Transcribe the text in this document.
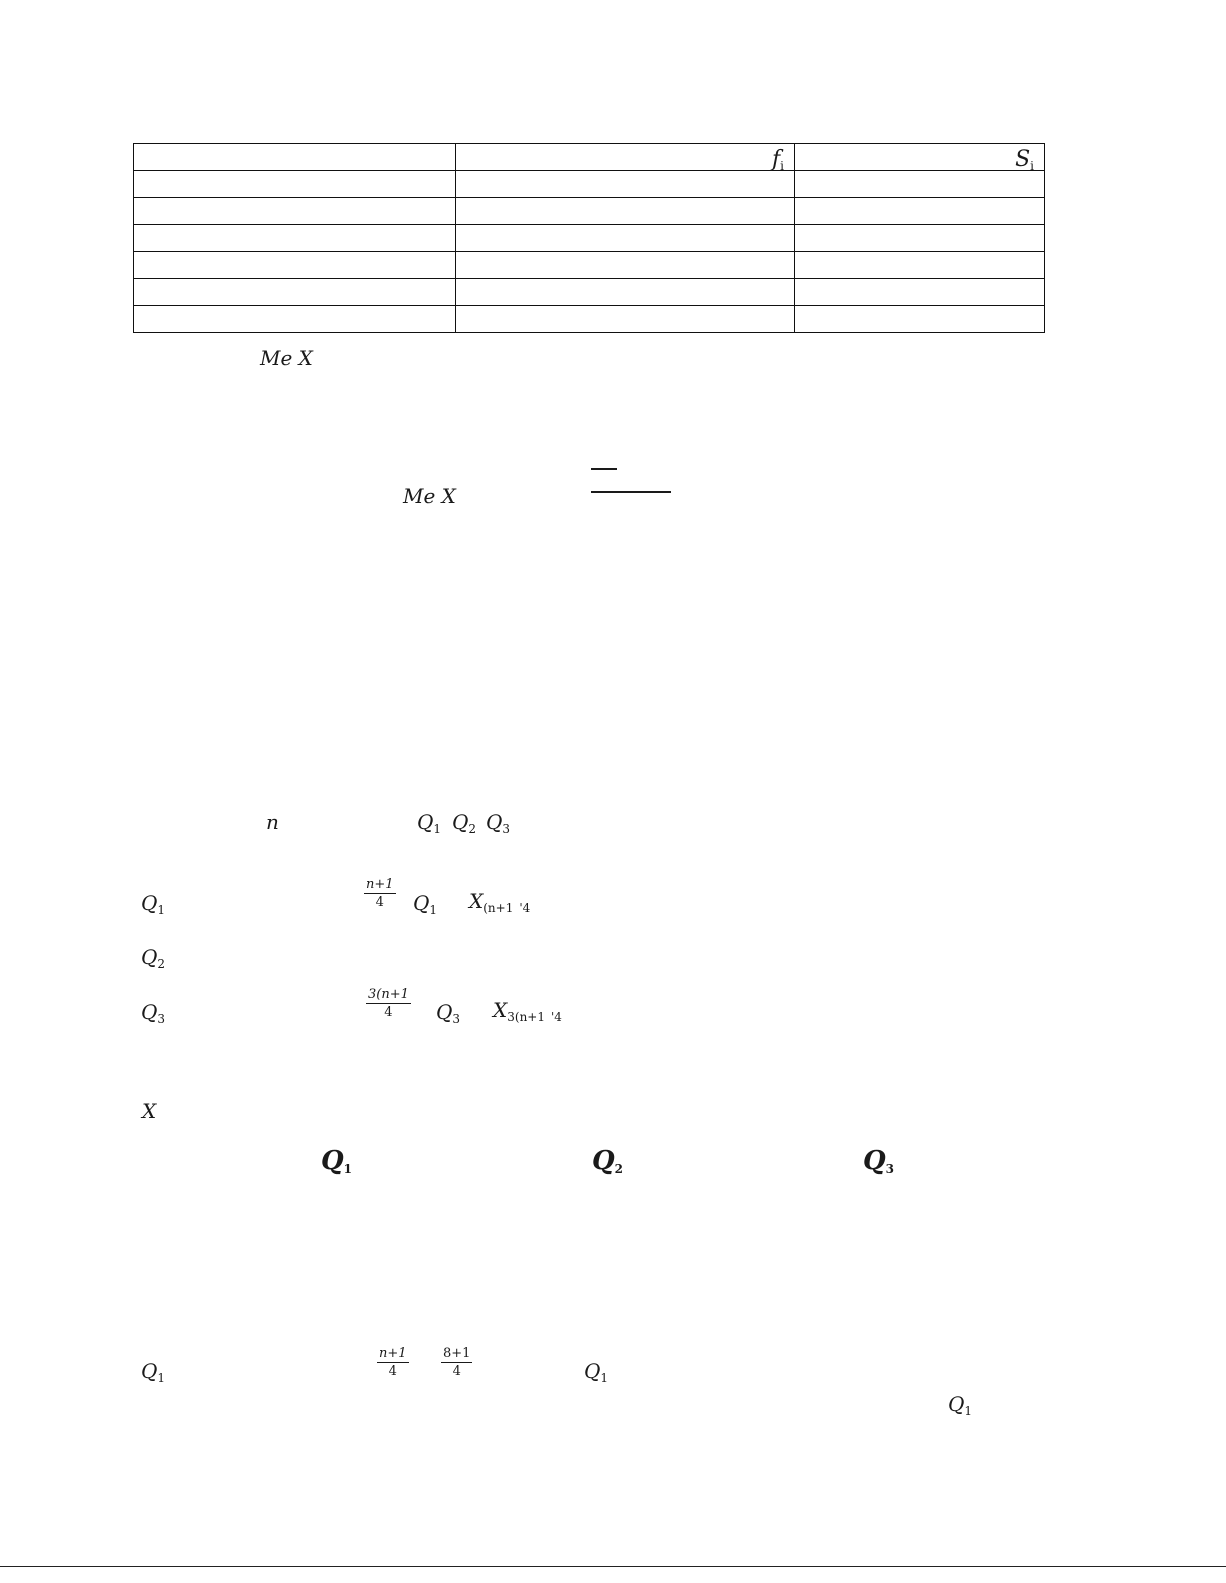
	$f_i$	$S_i$

Me X
Me X
n	$Q_1$ $Q_2$ $Q_3$
$Q_1$
$\frac{n+1}{4} Q_1$ $X_{(n+1}$ $_{'4}$
$Q_2$
$Q_3$	$\frac{3(n+1}{4} Q_3$ $X_{3(n+1}$ $_{'4}$
X
$Q_1$	$Q_2$	$Q_3$
$Q_1$	$\frac{n+1}{4} \frac{8+1}{4}$	$Q_1$
$Q_1$
